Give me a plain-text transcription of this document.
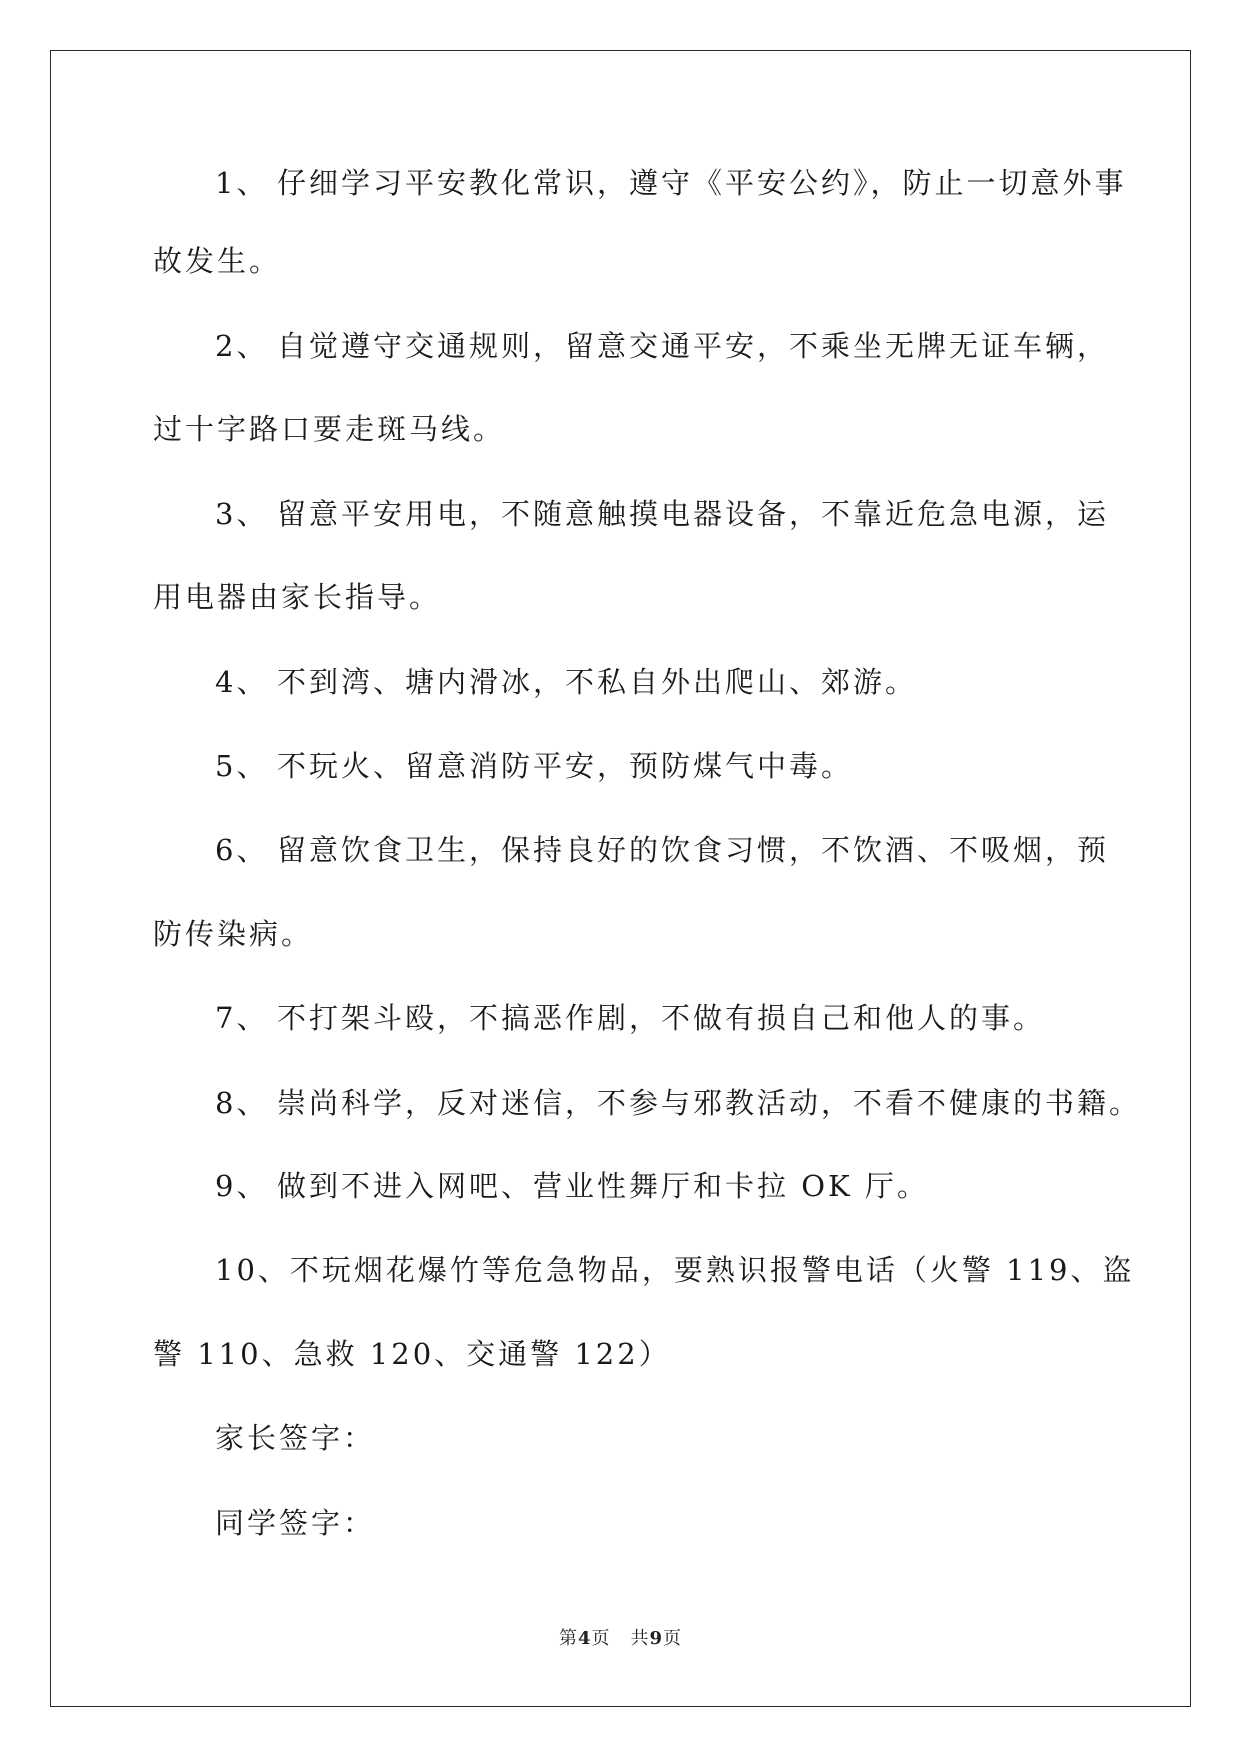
1、 仔细学习平安教化常识，遵守《平安公约》，防止一切意外事
故发生。
2、 自觉遵守交通规则，留意交通平安，不乘坐无牌无证车辆，
过十字路口要走斑马线。
3、 留意平安用电，不随意触摸电器设备，不靠近危急电源，运
用电器由家长指导。
4、 不到湾、塘内滑冰，不私自外出爬山、郊游。
5、 不玩火、留意消防平安，预防煤气中毒。
6、 留意饮食卫生，保持良好的饮食习惯，不饮酒、不吸烟，预
防传染病。
7、 不打架斗殴，不搞恶作剧，不做有损自己和他人的事。
8、 崇尚科学，反对迷信，不参与邪教活动，不看不健康的书籍。
9、 做到不进入网吧、营业性舞厅和卡拉 OK 厅。
10、不玩烟花爆竹等危急物品，要熟识报警电话（火警 119、盗
警 110、急救 120、交通警 122）
家长签字：
同学签字：
第4页 共9页
